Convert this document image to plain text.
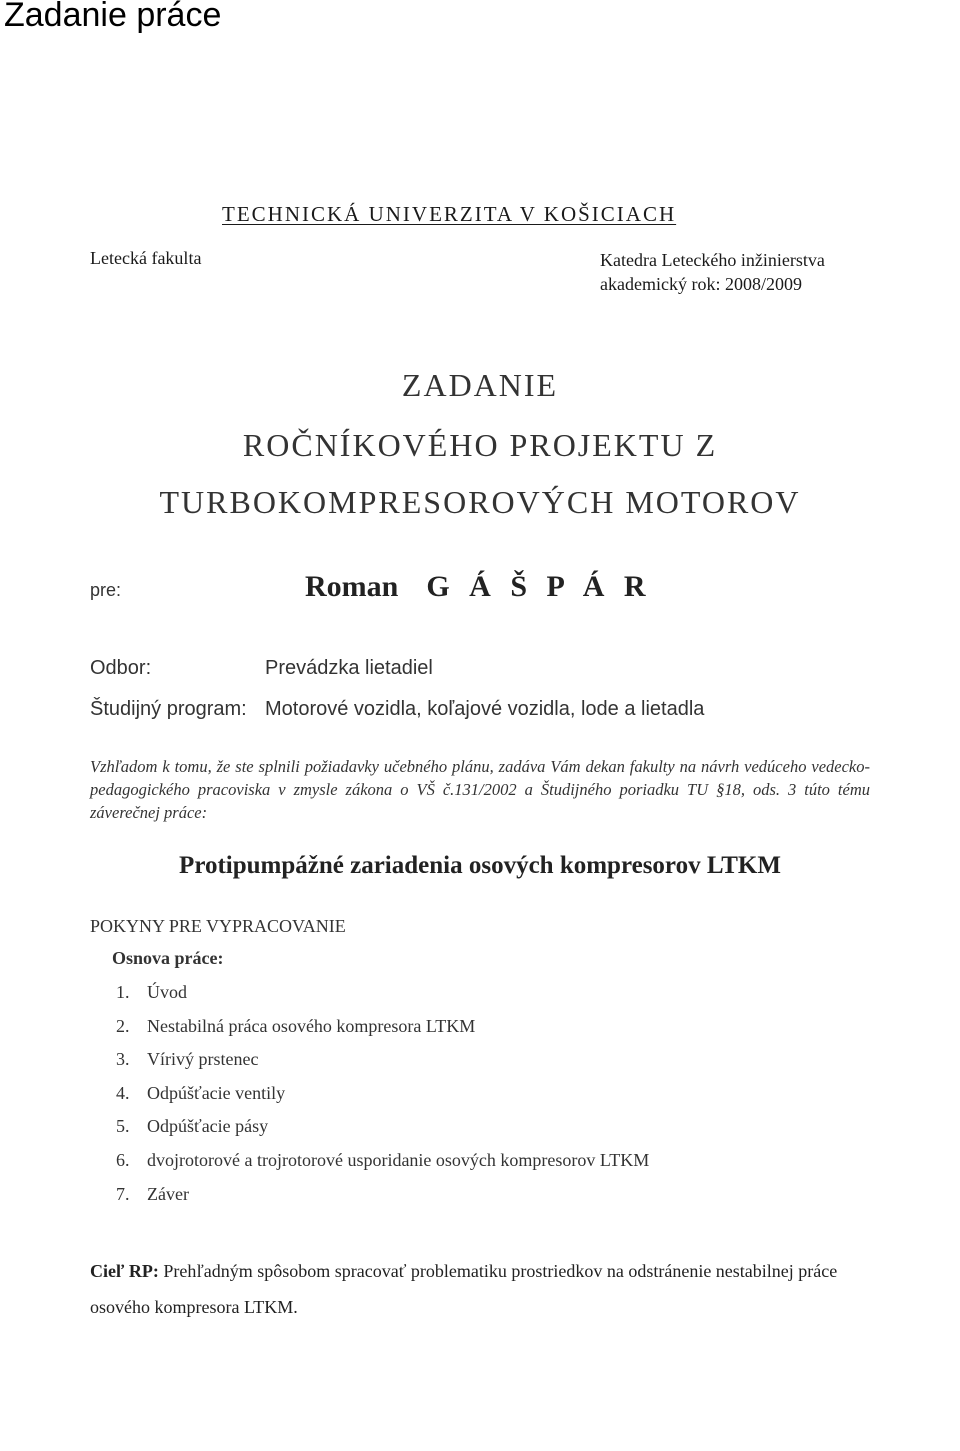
Zadanie práce
TECHNICKÁ UNIVERZITA V KOŠICIACH
Letecká fakulta	Katedra Leteckého inžinierstva
akademický rok: 2008/2009
ZADANIE
ROČNÍKOVÉHO PROJEKTU Z
TURBOKOMPRESOROVÝCH MOTOROV
pre:	Roman G Á Š P Á R
Odbor:	Prevádzka lietadiel
Študijný program: Motorové vozidla, koľajové vozidla, lode a lietadla
Vzhľadom k tomu, že ste splnili požiadavky učebného plánu, zadáva Vám dekan fakulty na návrh vedúceho vedecko-pedagogického pracoviska v zmysle zákona o VŠ č.131/2002 a Študijného poriadku TU §18, ods. 3 túto tému záverečnej práce:
Protipumpážné zariadenia osových kompresorov LTKM
POKYNY PRE VYPRACOVANIE
Osnova práce:
1. Úvod
2. Nestabilná práca osového kompresora LTKM
3. Vírivý prstenec
4. Odpúšťacie ventily
5. Odpúšťacie pásy
6. dvojrotorové a trojrotorové usporidanie osových kompresorov LTKM
7. Záver
Cieľ RP: Prehľadným spôsobom spracovať problematiku prostriedkov na odstránenie nestabilnej práce osového kompresora LTKM.
